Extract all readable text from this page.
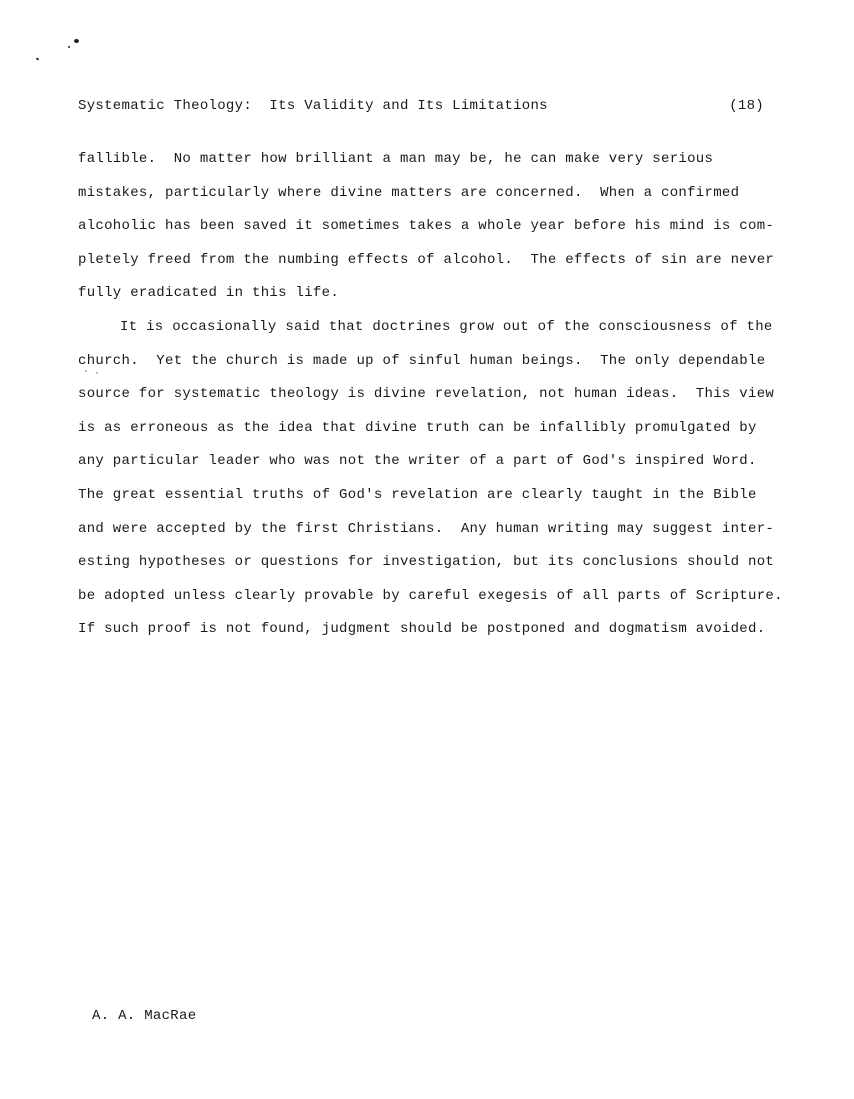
Systematic Theology:  Its Validity and Its Limitations	(18)
fallible.  No matter how brilliant a man may be, he can make very serious
mistakes, particularly where divine matters are concerned.  When a confirmed
alcoholic has been saved it sometimes takes a whole year before his mind is com-
pletely freed from the numbing effects of alcohol.  The effects of sin are never
fully eradicated in this life.
It is occasionally said that doctrines grow out of the consciousness of the
church.  Yet the church is made up of sinful human beings.  The only dependable
source for systematic theology is divine revelation, not human ideas.  This view
is as erroneous as the idea that divine truth can be infallibly promulgated by
any particular leader who was not the writer of a part of God's inspired Word.
The great essential truths of God's revelation are clearly taught in the Bible
and were accepted by the first Christians.  Any human writing may suggest inter-
esting hypotheses or questions for investigation, but its conclusions should not
be adopted unless clearly provable by careful exegesis of all parts of Scripture.
If such proof is not found, judgment should be postponed and dogmatism avoided.
A. A. MacRae
